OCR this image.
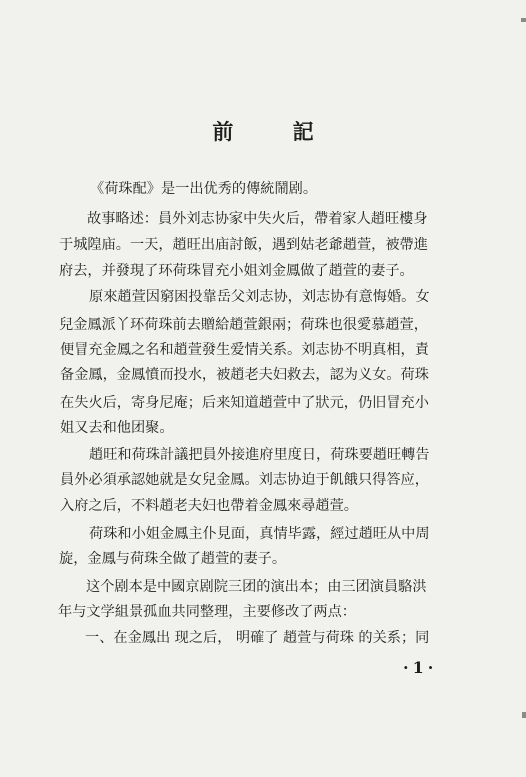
前 記
《荷珠配》是一出优秀的傳統鬧剧。
故事略述：員外刘志协家中失火后，帶着家人趙旺樓身
于城隍庙。一天，趙旺出庙討飯，遇到姑老爺趙萱，被帶進
府去，并發現了环荷珠冒充小姐刘金鳳做了趙萱的妻子。
原來趙萱因窮困投靠岳父刘志协，刘志协有意悔婚。女
兒金鳳派丫环荷珠前去贈給趙萱銀兩；荷珠也很愛慕趙萱，
便冒充金鳳之名和趙萱發生爱情关系。刘志协不明真相，責
备金鳳，金鳳憤而投水，被趙老夫妇救去，認为义女。荷珠
在失火后，寄身尼庵；后来知道趙萱中了狀元，仍旧冒充小
姐又去和他团聚。
趙旺和荷珠計議把員外接進府里度日，荷珠要趙旺轉告
員外必須承認她就是女兒金鳳。刘志协迫于飢餓只得答应，
入府之后，不料趙老夫妇也帶着金鳳來尋趙萱。
荷珠和小姐金鳳主仆見面，真情毕露，經过趙旺从中周
旋，金鳳与荷珠全做了趙萱的妻子。
这个剧本是中國京剧院三团的演出本；由三团演員駱洪
年与文学組景孤血共同整理，主要修改了两点：
一、在金鳳出 现之后， 明確了 趙萱与荷珠 的关系；同
·1·
